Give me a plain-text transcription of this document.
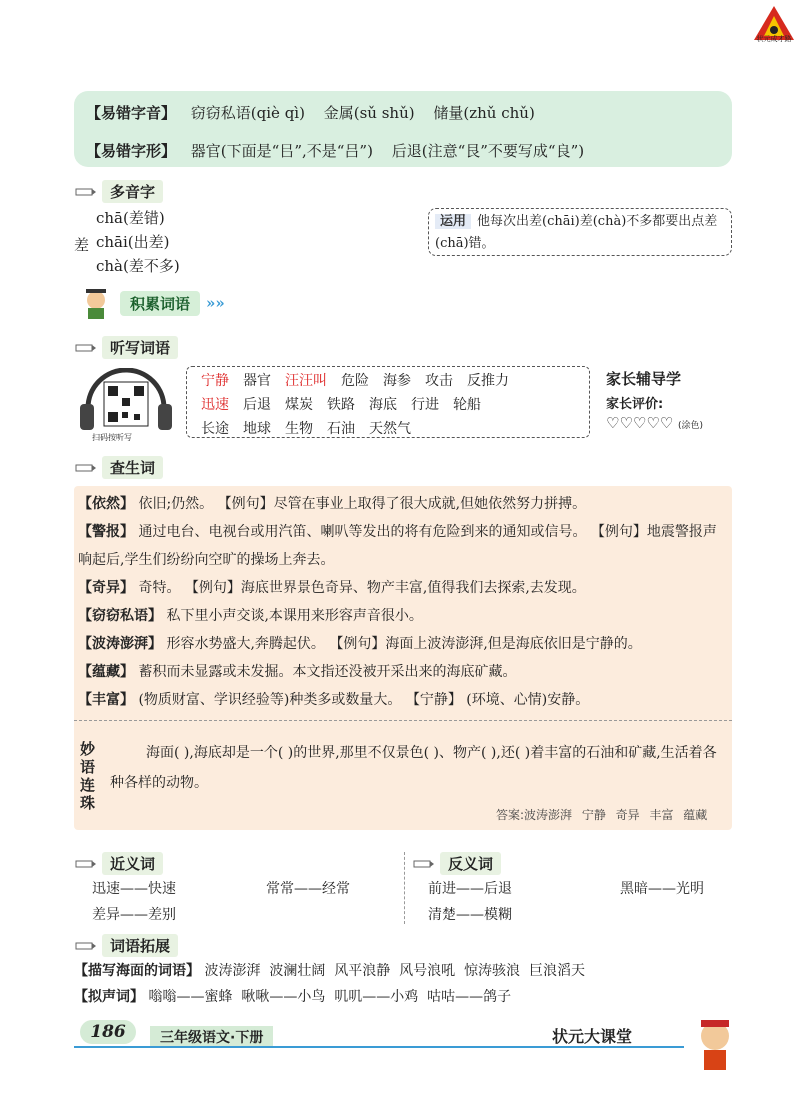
状元成才路
【易错字音】 窃窃私语(qiè qì) 金属(sǔ shǔ) 储量(zhǔ chǔ)
【易错字形】 器官(下面是“㠯”,不是“吕”) 后退(注意“艮”不要写成“良”)
多音字
差
chā(差错)
chāi(出差)
chà(差不多)
运用 他每次出差(chāi)差(chà)不多都要出点差(chā)错。
积累词语	»»
听写词语
扫码按听写
宁静 器官 汪汪叫 危险 海参 攻击 反推力
迅速 后退 煤炭 铁路 海底 行进 轮船
长途 地球 生物 石油 天然气
家长辅导学
家长评价:
♡♡♡♡♡ (涂色)
查生词
【依然】 依旧;仍然。 【例句】尽管在事业上取得了很大成就,但她依然努力拼搏。
【警报】 通过电台、电视台或用汽笛、喇叭等发出的将有危险到来的通知或信号。 【例句】地震警报声响起后,学生们纷纷向空旷的操场上奔去。
【奇异】 奇特。 【例句】海底世界景色奇异、物产丰富,值得我们去探索,去发现。
【窃窃私语】 私下里小声交谈,本课用来形容声音很小。
【波涛澎湃】 形容水势盛大,奔腾起伏。 【例句】海面上波涛澎湃,但是海底依旧是宁静的。
【蕴藏】 蓄积而未显露或未发掘。本文指还没被开采出来的海底矿藏。
【丰富】 (物质财富、学识经验等)种类多或数量大。 【宁静】 (环境、心情)安静。
妙语连珠
海面( ),海底却是一个( )的世界,那里不仅景色( )、物产( ),还( )着丰富的石油和矿藏,生活着各种各样的动物。
答案:波涛澎湃 宁静 奇异 丰富 蕴藏
近义词
迅速——快速	常常——经常
差异——差别
反义词
前进——后退	黑暗——光明
清楚——模糊
词语拓展
【描写海面的词语】 波涛澎湃  波澜壮阔  风平浪静  风号浪吼  惊涛骇浪  巨浪滔天
【拟声词】 嗡嗡——蜜蜂  啾啾——小鸟  叽叽——小鸡  咕咕——鸽子
186	三年级语文·下册	状元大课堂
